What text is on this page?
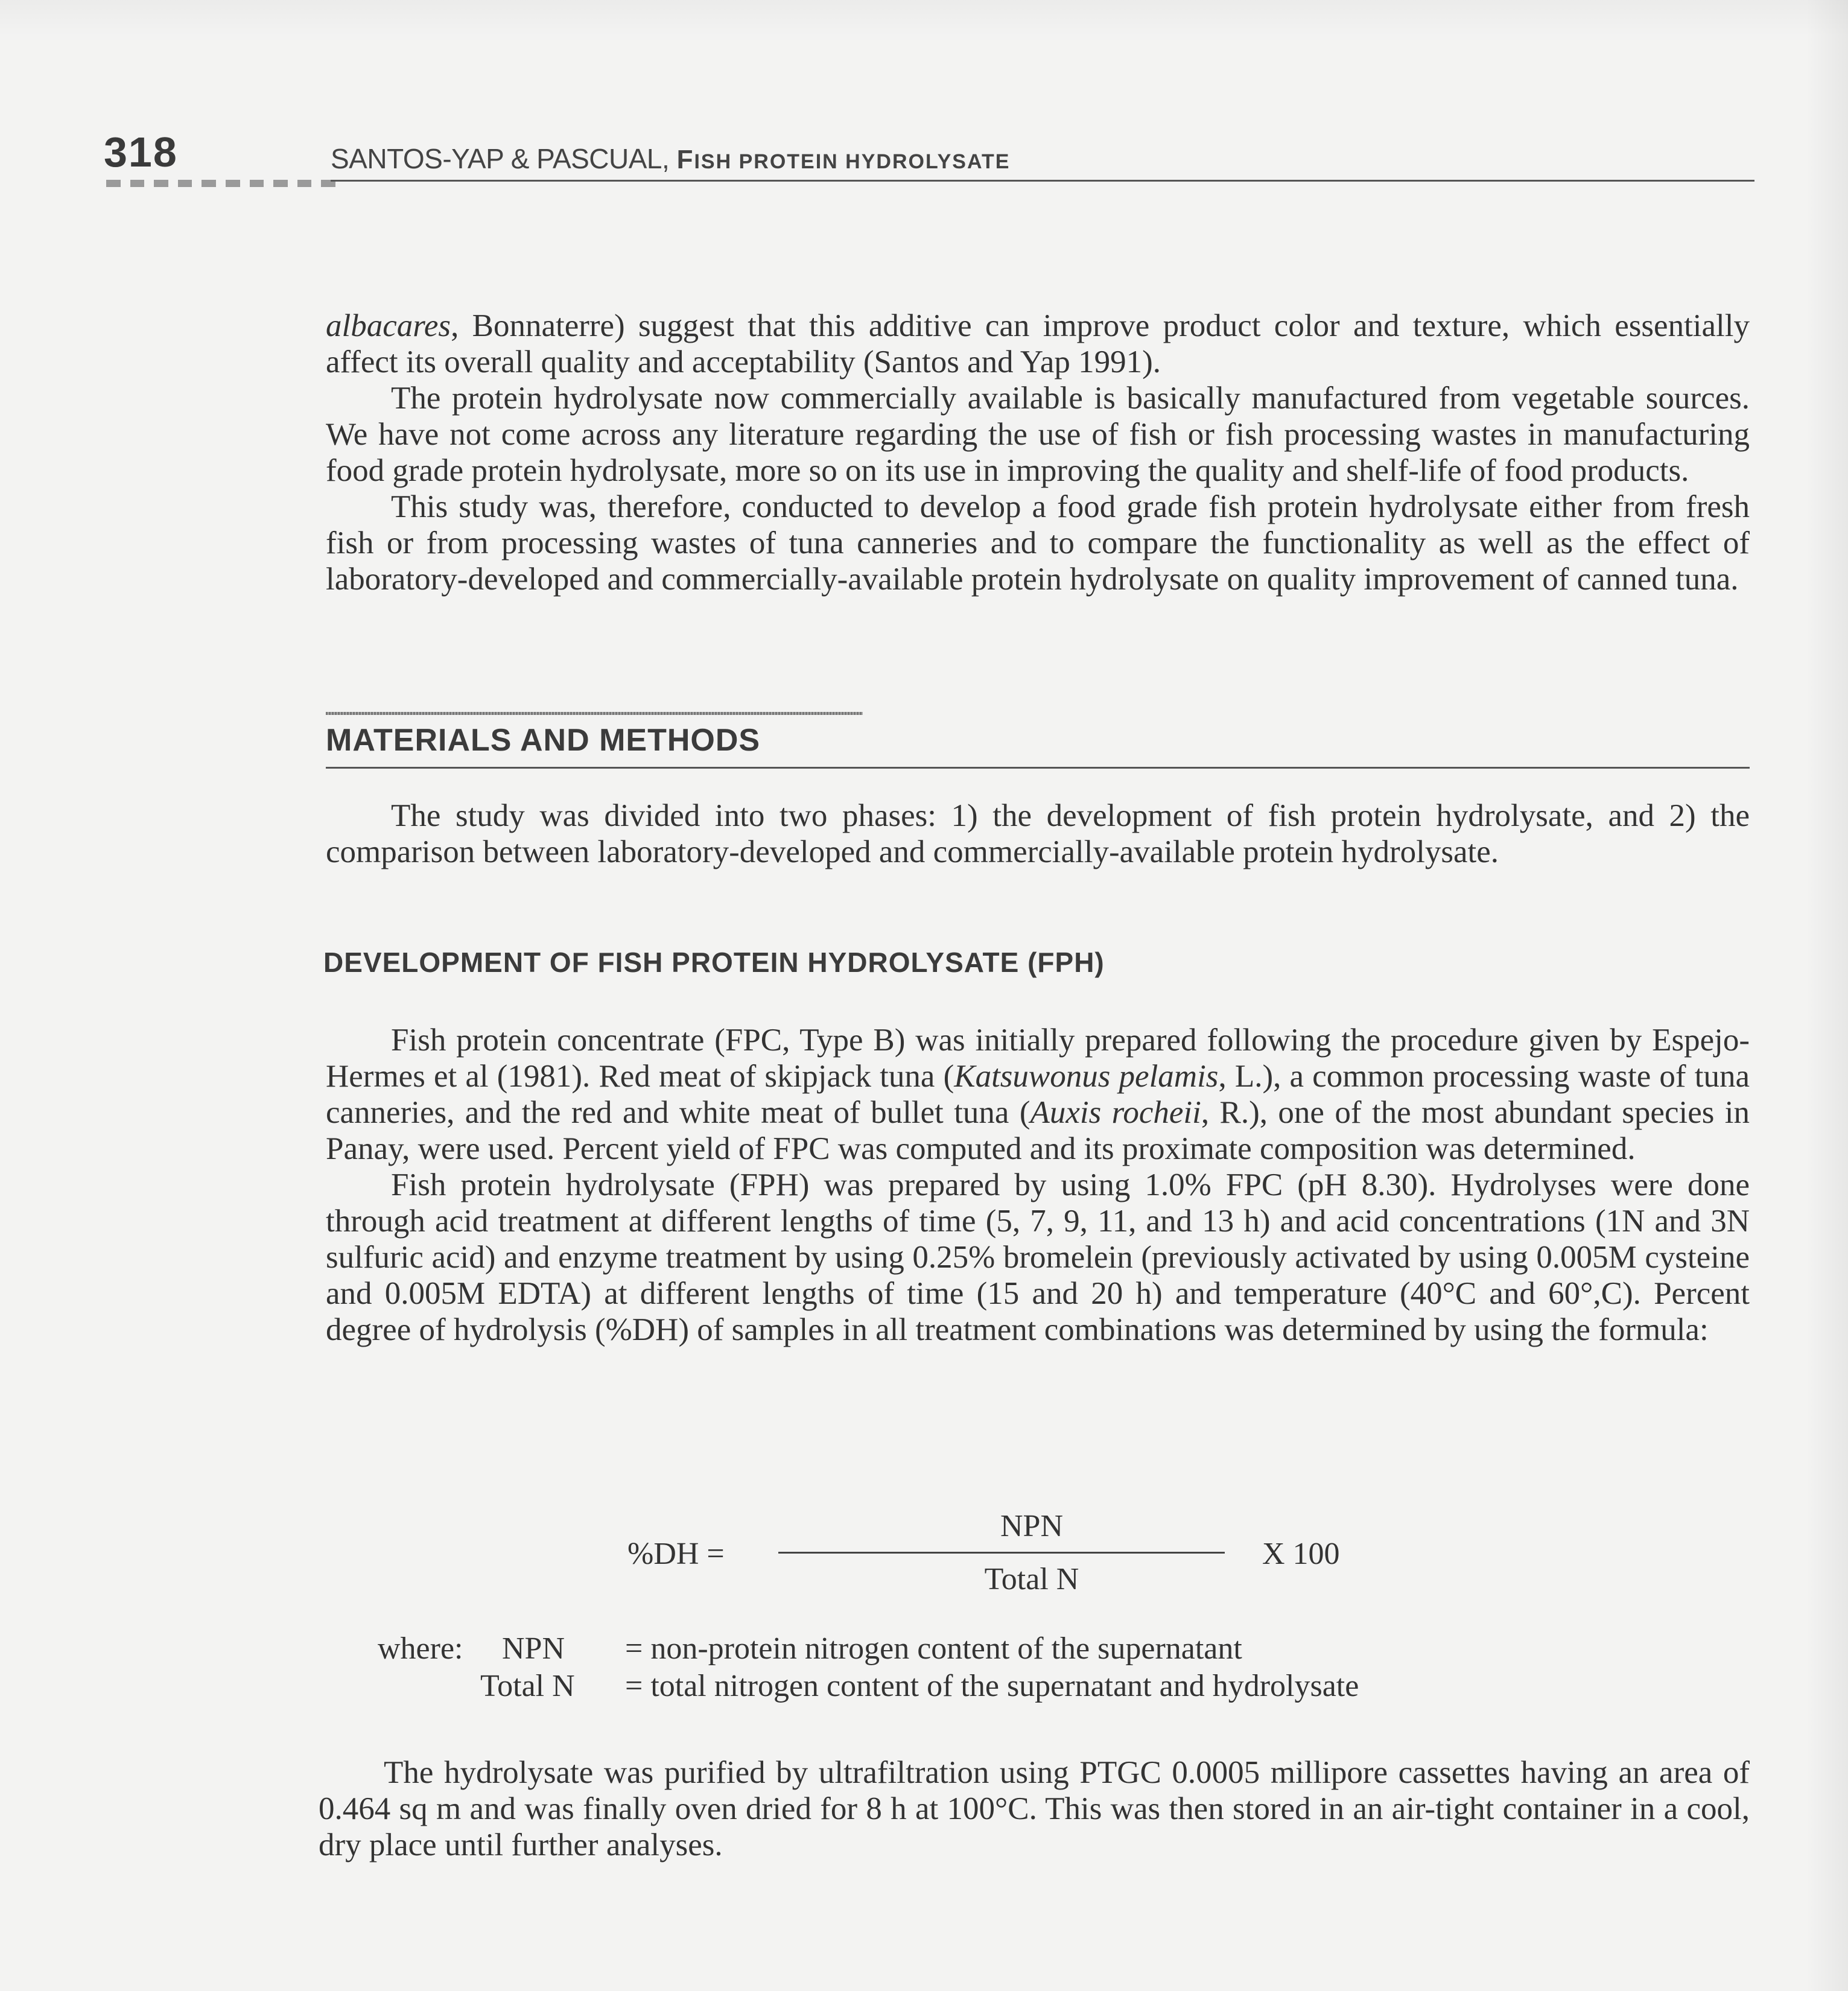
318	SANTOS-YAP & PASCUAL, FISH PROTEIN HYDROLYSATE

albacares, Bonnaterre) suggest that this additive can improve product color and texture, which essentially affect its overall quality and acceptability (Santos and Yap 1991).

The protein hydrolysate now commercially available is basically manufactured from vegetable sources. We have not come across any literature regarding the use of fish or fish processing wastes in manufacturing food grade protein hydrolysate, more so on its use in improving the quality and shelf-life of food products.

This study was, therefore, conducted to develop a food grade fish protein hydrolysate either from fresh fish or from processing wastes of tuna canneries and to compare the functionality as well as the effect of laboratory-developed and commercially-available protein hydrolysate on quality improvement of canned tuna.

MATERIALS AND METHODS

The study was divided into two phases: 1) the development of fish protein hydrolysate, and 2) the comparison between laboratory-developed and commercially-available protein hydrolysate.

DEVELOPMENT OF FISH PROTEIN HYDROLYSATE (FPH)

Fish protein concentrate (FPC, Type B) was initially prepared following the procedure given by Espejo-Hermes et al (1981). Red meat of skipjack tuna (Katsuwonus pelamis, L.), a common processing waste of tuna canneries, and the red and white meat of bullet tuna (Auxis rocheii, R.), one of the most abundant species in Panay, were used. Percent yield of FPC was computed and its proximate composition was determined.

Fish protein hydrolysate (FPH) was prepared by using 1.0% FPC (pH 8.30). Hydrolyses were done through acid treatment at different lengths of time (5, 7, 9, 11, and 13 h) and acid concentrations (1N and 3N sulfuric acid) and enzyme treatment by using 0.25% bromelein (previously activated by using 0.005M cysteine and 0.005M EDTA) at different lengths of time (15 and 20 h) and temperature (40°C and 60°,C). Percent degree of hydrolysis (%DH) of samples in all treatment combinations was determined by using the formula:

%DH =
NPN
Total N
X 100
where: NPN = non-protein nitrogen content of the supernatant
Total N = total nitrogen content of the supernatant and hydrolysate

The hydrolysate was purified by ultrafiltration using PTGC 0.0005 millipore cassettes having an area of 0.464 sq m and was finally oven dried for 8 h at 100°C. This was then stored in an air-tight container in a cool, dry place until further analyses.
